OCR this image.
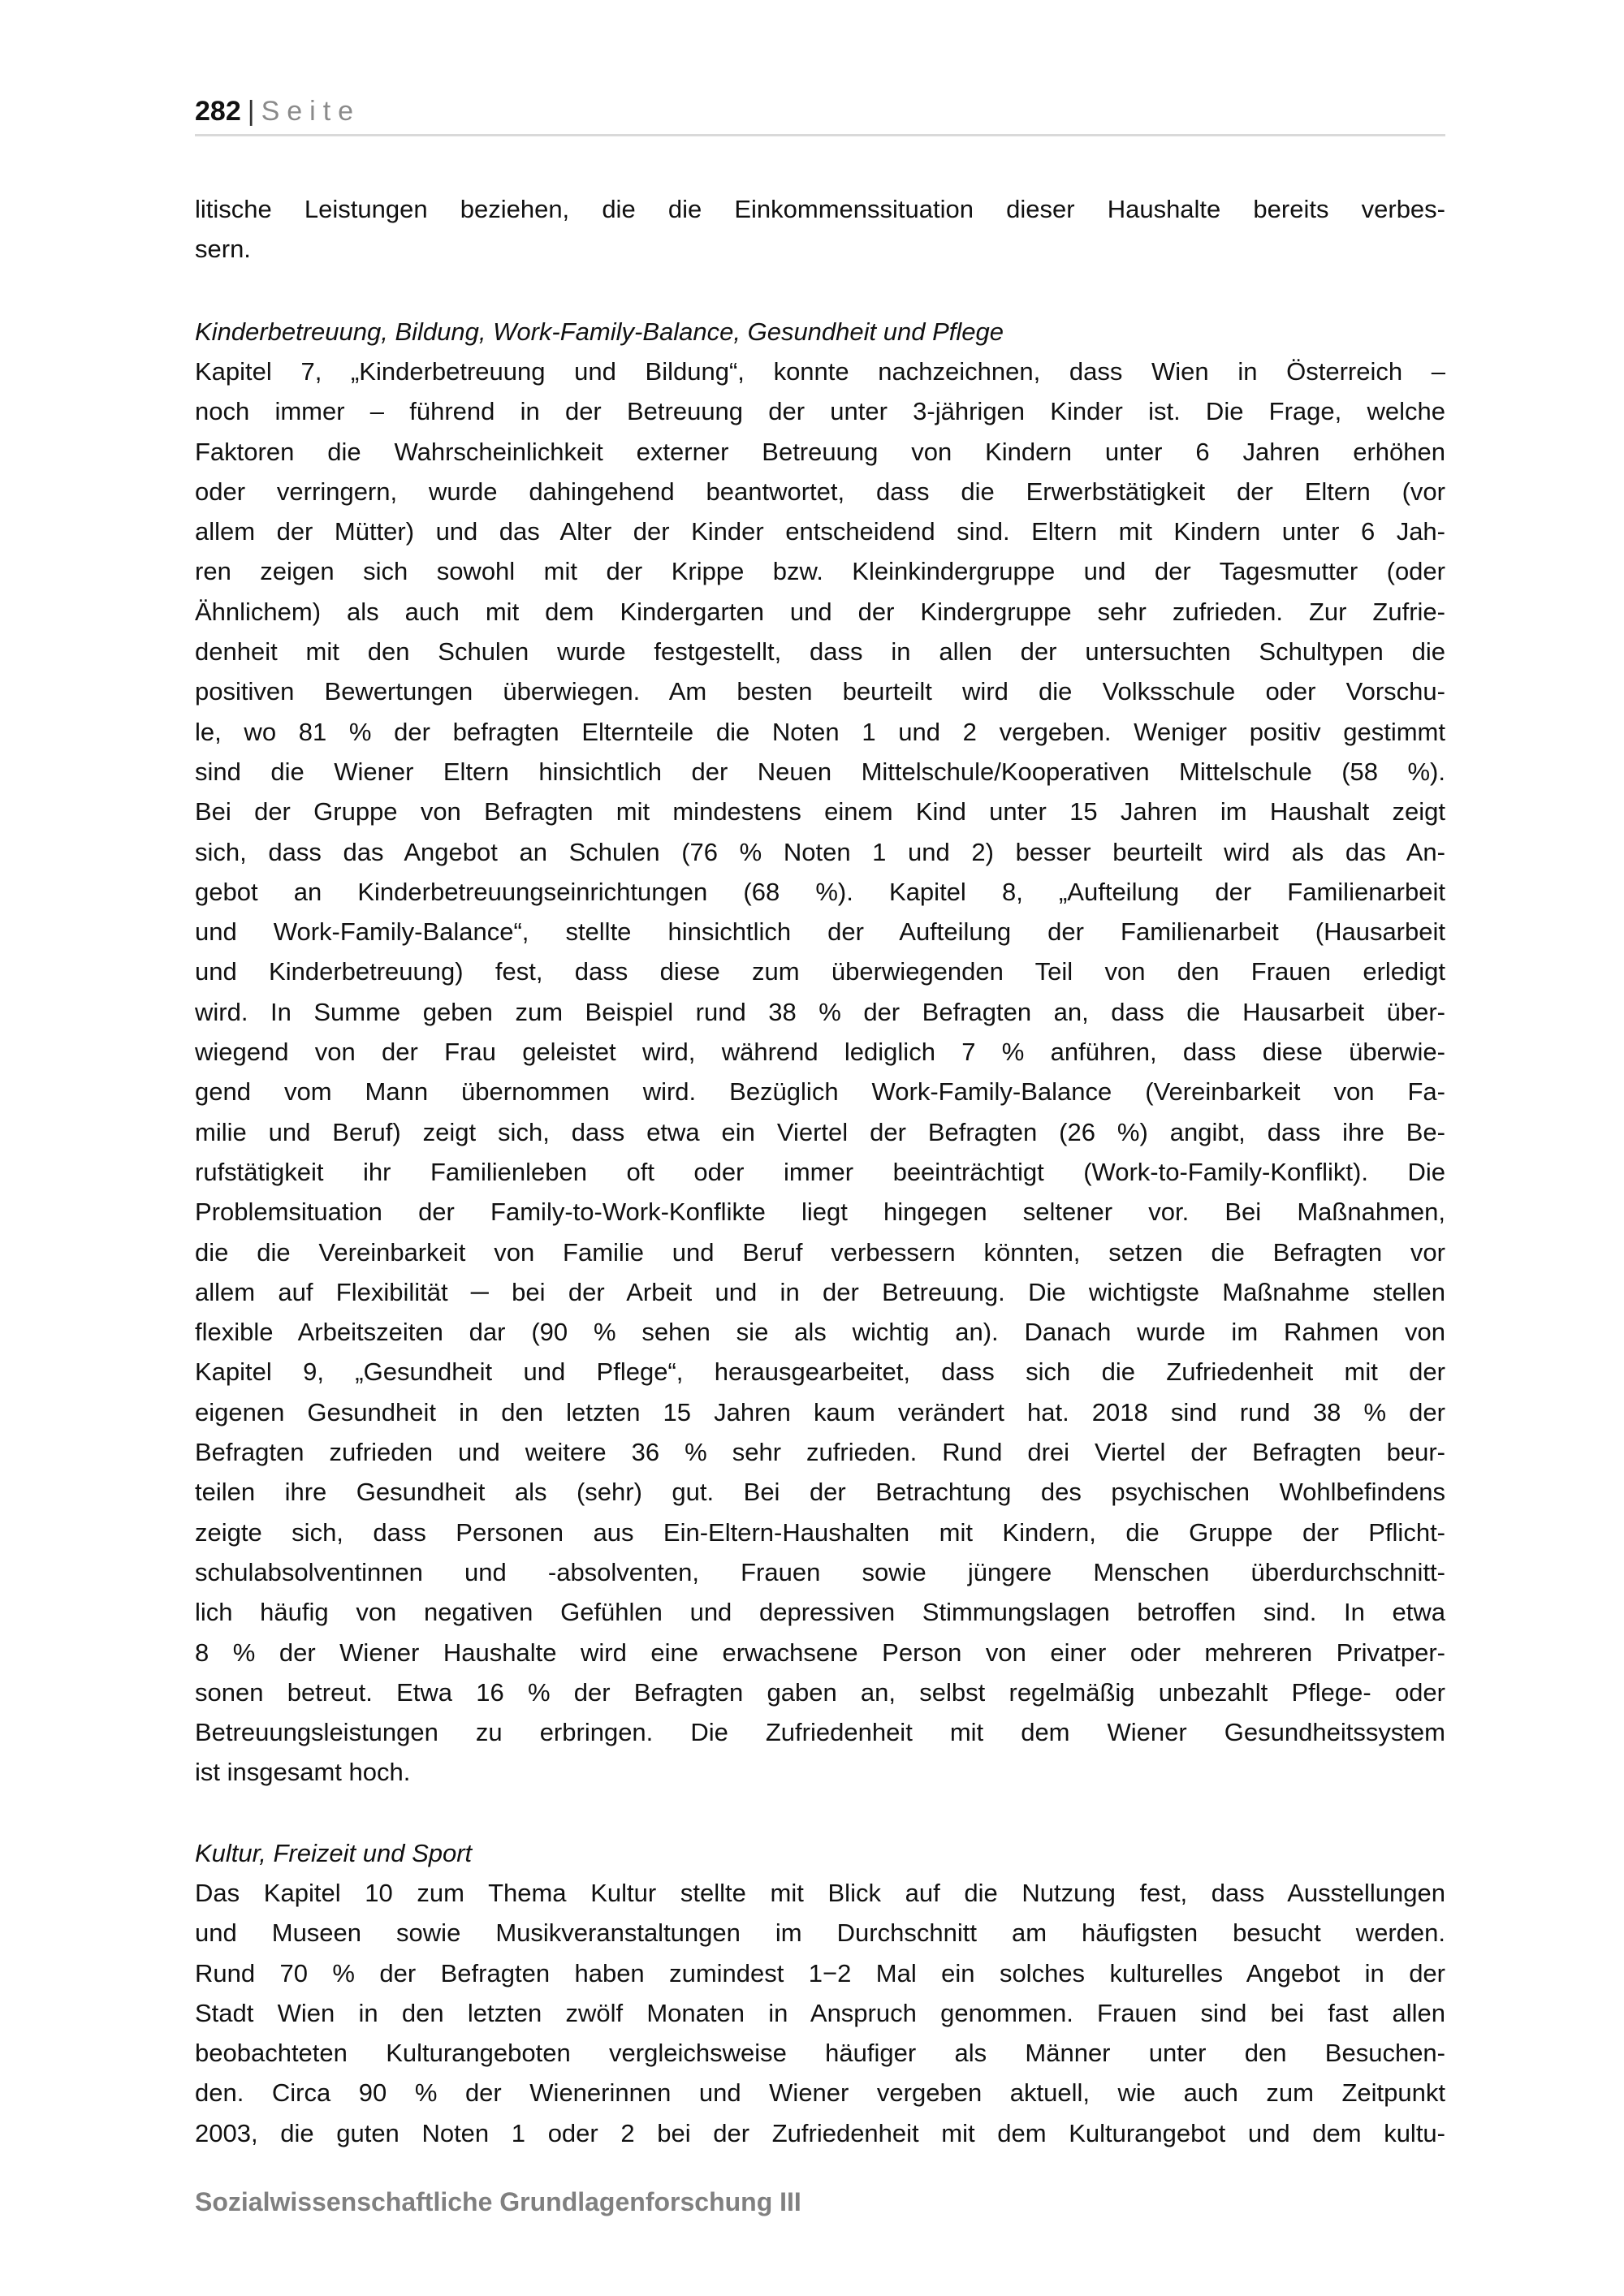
282 | Seite
litische Leistungen beziehen, die die Einkommenssituation dieser Haushalte bereits verbes-
sern.
Kinderbetreuung, Bildung, Work-Family-Balance, Gesundheit und Pflege
Kapitel 7, „Kinderbetreuung und Bildung“, konnte nachzeichnen, dass Wien in Österreich –
noch immer – führend in der Betreuung der unter 3-jährigen Kinder ist. Die Frage, welche
Faktoren die Wahrscheinlichkeit externer Betreuung von Kindern unter 6 Jahren erhöhen
oder verringern, wurde dahingehend beantwortet, dass die Erwerbstätigkeit der Eltern (vor
allem der Mütter) und das Alter der Kinder entscheidend sind. Eltern mit Kindern unter 6 Jah-
ren zeigen sich sowohl mit der Krippe bzw. Kleinkindergruppe und der Tagesmutter (oder
Ähnlichem) als auch mit dem Kindergarten und der Kindergruppe sehr zufrieden. Zur Zufrie-
denheit mit den Schulen wurde festgestellt, dass in allen der untersuchten Schultypen die
positiven Bewertungen überwiegen. Am besten beurteilt wird die Volksschule oder Vorschu-
le, wo 81 % der befragten Elternteile die Noten 1 und 2 vergeben. Weniger positiv gestimmt
sind die Wiener Eltern hinsichtlich der Neuen Mittelschule/Kooperativen Mittelschule (58 %).
Bei der Gruppe von Befragten mit mindestens einem Kind unter 15 Jahren im Haushalt zeigt
sich, dass das Angebot an Schulen (76 % Noten 1 und 2) besser beurteilt wird als das An-
gebot an Kinderbetreuungseinrichtungen (68 %). Kapitel 8, „Aufteilung der Familienarbeit
und Work-Family-Balance“, stellte hinsichtlich der Aufteilung der Familienarbeit (Hausarbeit
und Kinderbetreuung) fest, dass diese zum überwiegenden Teil von den Frauen erledigt
wird. In Summe geben zum Beispiel rund 38 % der Befragten an, dass die Hausarbeit über-
wiegend von der Frau geleistet wird, während lediglich 7 % anführen, dass diese überwie-
gend vom Mann übernommen wird. Bezüglich Work-Family-Balance (Vereinbarkeit von Fa-
milie und Beruf) zeigt sich, dass etwa ein Viertel der Befragten (26 %) angibt, dass ihre Be-
rufstätigkeit ihr Familienleben oft oder immer beeinträchtigt (Work-to-Family-Konflikt). Die
Problemsituation der Family-to-Work-Konflikte liegt hingegen seltener vor. Bei Maßnahmen,
die die Vereinbarkeit von Familie und Beruf verbessern könnten, setzen die Befragten vor
allem auf Flexibilität ─ bei der Arbeit und in der Betreuung. Die wichtigste Maßnahme stellen
flexible Arbeitszeiten dar (90 % sehen sie als wichtig an). Danach wurde im Rahmen von
Kapitel 9, „Gesundheit und Pflege“, herausgearbeitet, dass sich die Zufriedenheit mit der
eigenen Gesundheit in den letzten 15 Jahren kaum verändert hat. 2018 sind rund 38 % der
Befragten zufrieden und weitere 36 % sehr zufrieden. Rund drei Viertel der Befragten beur-
teilen ihre Gesundheit als (sehr) gut. Bei der Betrachtung des psychischen Wohlbefindens
zeigte sich, dass Personen aus Ein-Eltern-Haushalten mit Kindern, die Gruppe der Pflicht-
schulabsolventinnen und -absolventen, Frauen sowie jüngere Menschen überdurchschnitt-
lich häufig von negativen Gefühlen und depressiven Stimmungslagen betroffen sind. In etwa
8 % der Wiener Haushalte wird eine erwachsene Person von einer oder mehreren Privatper-
sonen betreut. Etwa 16 % der Befragten gaben an, selbst regelmäßig unbezahlt Pflege- oder
Betreuungsleistungen zu erbringen. Die Zufriedenheit mit dem Wiener Gesundheitssystem
ist insgesamt hoch.
Kultur, Freizeit und Sport
Das Kapitel 10 zum Thema Kultur stellte mit Blick auf die Nutzung fest, dass Ausstellungen
und Museen sowie Musikveranstaltungen im Durchschnitt am häufigsten besucht werden.
Rund 70 % der Befragten haben zumindest 1−2 Mal ein solches kulturelles Angebot in der
Stadt Wien in den letzten zwölf Monaten in Anspruch genommen. Frauen sind bei fast allen
beobachteten Kulturangeboten vergleichsweise häufiger als Männer unter den Besuchen-
den. Circa 90 % der Wienerinnen und Wiener vergeben aktuell, wie auch zum Zeitpunkt
2003, die guten Noten 1 oder 2 bei der Zufriedenheit mit dem Kulturangebot und dem kultu-
Sozialwissenschaftliche Grundlagenforschung III
